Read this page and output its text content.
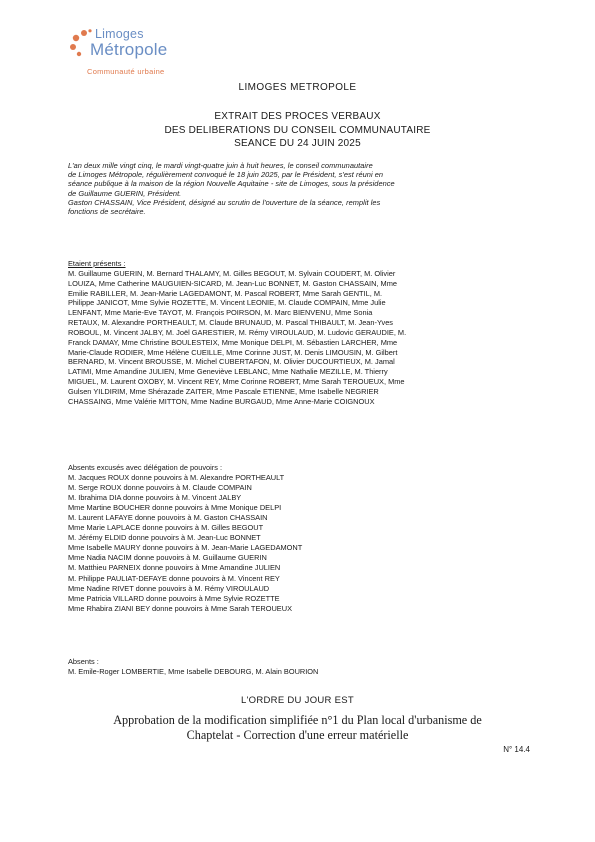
Limoges
Métropole
Communauté urbaine
LIMOGES METROPOLE
EXTRAIT DES PROCES VERBAUX
DES DELIBERATIONS DU CONSEIL COMMUNAUTAIRE
SEANCE DU 24 JUIN 2025
L'an deux mille vingt cinq, le mardi vingt-quatre juin à huit heures, le conseil communautaire
de Limoges Métropole, régulièrement convoqué le 18 juin 2025, par le Président, s'est réuni en
séance publique à la maison de la région Nouvelle Aquitaine - site de Limoges, sous la présidence
de Guillaume GUERIN, Président.
Gaston CHASSAIN, Vice Président, désigné au scrutin de l'ouverture de la séance, remplit les
fonctions de secrétaire.
Etaient présents :
M. Guillaume GUERIN, M. Bernard THALAMY, M. Gilles BEGOUT, M. Sylvain COUDERT, M. Olivier
LOUIZA, Mme Catherine MAUGUIEN-SICARD, M. Jean-Luc BONNET, M. Gaston CHASSAIN, Mme
Emilie RABILLER, M. Jean-Marie LAGEDAMONT, M. Pascal ROBERT, Mme Sarah GENTIL, M.
Philippe JANICOT, Mme Sylvie ROZETTE, M. Vincent LEONIE, M. Claude COMPAIN, Mme Julie
LENFANT, Mme Marie-Eve TAYOT, M. François POIRSON, M. Marc BIENVENU, Mme Sonia
RETAUX, M. Alexandre PORTHEAULT, M. Claude BRUNAUD, M. Pascal THIBAULT, M. Jean-Yves
ROBOUL, M. Vincent JALBY, M. Joël GARESTIER, M. Rémy VIROULAUD, M. Ludovic GERAUDIE, M.
Franck DAMAY, Mme Christine BOULESTEIX, Mme Monique DELPI, M. Sébastien LARCHER, Mme
Marie-Claude RODIER, Mme Hélène CUEILLE, Mme Corinne JUST, M. Denis LIMOUSIN, M. Gilbert
BERNARD, M. Vincent BROUSSE, M. Michel CUBERTAFON, M. Olivier DUCOURTIEUX, M. Jamal
LATIMI, Mme Amandine JULIEN, Mme Geneviève LEBLANC, Mme Nathalie MEZILLE, M. Thierry
MIGUEL, M. Laurent OXOBY, M. Vincent REY, Mme Corinne ROBERT, Mme Sarah TEROUEUX, Mme
Gulsen YILDIRIM, Mme Shérazade ZAITER, Mme Pascale ETIENNE, Mme Isabelle NEGRIER
CHASSAING, Mme Valérie MITTON, Mme Nadine BURGAUD, Mme Anne-Marie COIGNOUX
Absents excusés avec délégation de pouvoirs :
M. Jacques ROUX donne pouvoirs à M. Alexandre PORTHEAULT
M. Serge ROUX donne pouvoirs à M. Claude COMPAIN
M. Ibrahima DIA donne pouvoirs à M. Vincent JALBY
Mme Martine BOUCHER donne pouvoirs à Mme Monique DELPI
M. Laurent LAFAYE donne pouvoirs à M. Gaston CHASSAIN
Mme Marie LAPLACE donne pouvoirs à M. Gilles BEGOUT
M. Jérémy ELDID donne pouvoirs à M. Jean-Luc BONNET
Mme Isabelle MAURY donne pouvoirs à M. Jean-Marie LAGEDAMONT
Mme Nadia NACIM donne pouvoirs à M. Guillaume GUERIN
M. Matthieu PARNEIX donne pouvoirs à Mme Amandine JULIEN
M. Philippe PAULIAT-DEFAYE donne pouvoirs à M. Vincent REY
Mme Nadine RIVET donne pouvoirs à M. Rémy VIROULAUD
Mme Patricia VILLARD donne pouvoirs à Mme Sylvie ROZETTE
Mme Rhabira ZIANI BEY donne pouvoirs à Mme Sarah TEROUEUX
Absents :
M. Emile-Roger LOMBERTIE, Mme Isabelle DEBOURG, M. Alain BOURION
L'ORDRE DU JOUR EST
Approbation de la modification simplifiée n°1 du Plan local d'urbanisme de
Chaptelat - Correction d'une erreur matérielle
N° 14.4
